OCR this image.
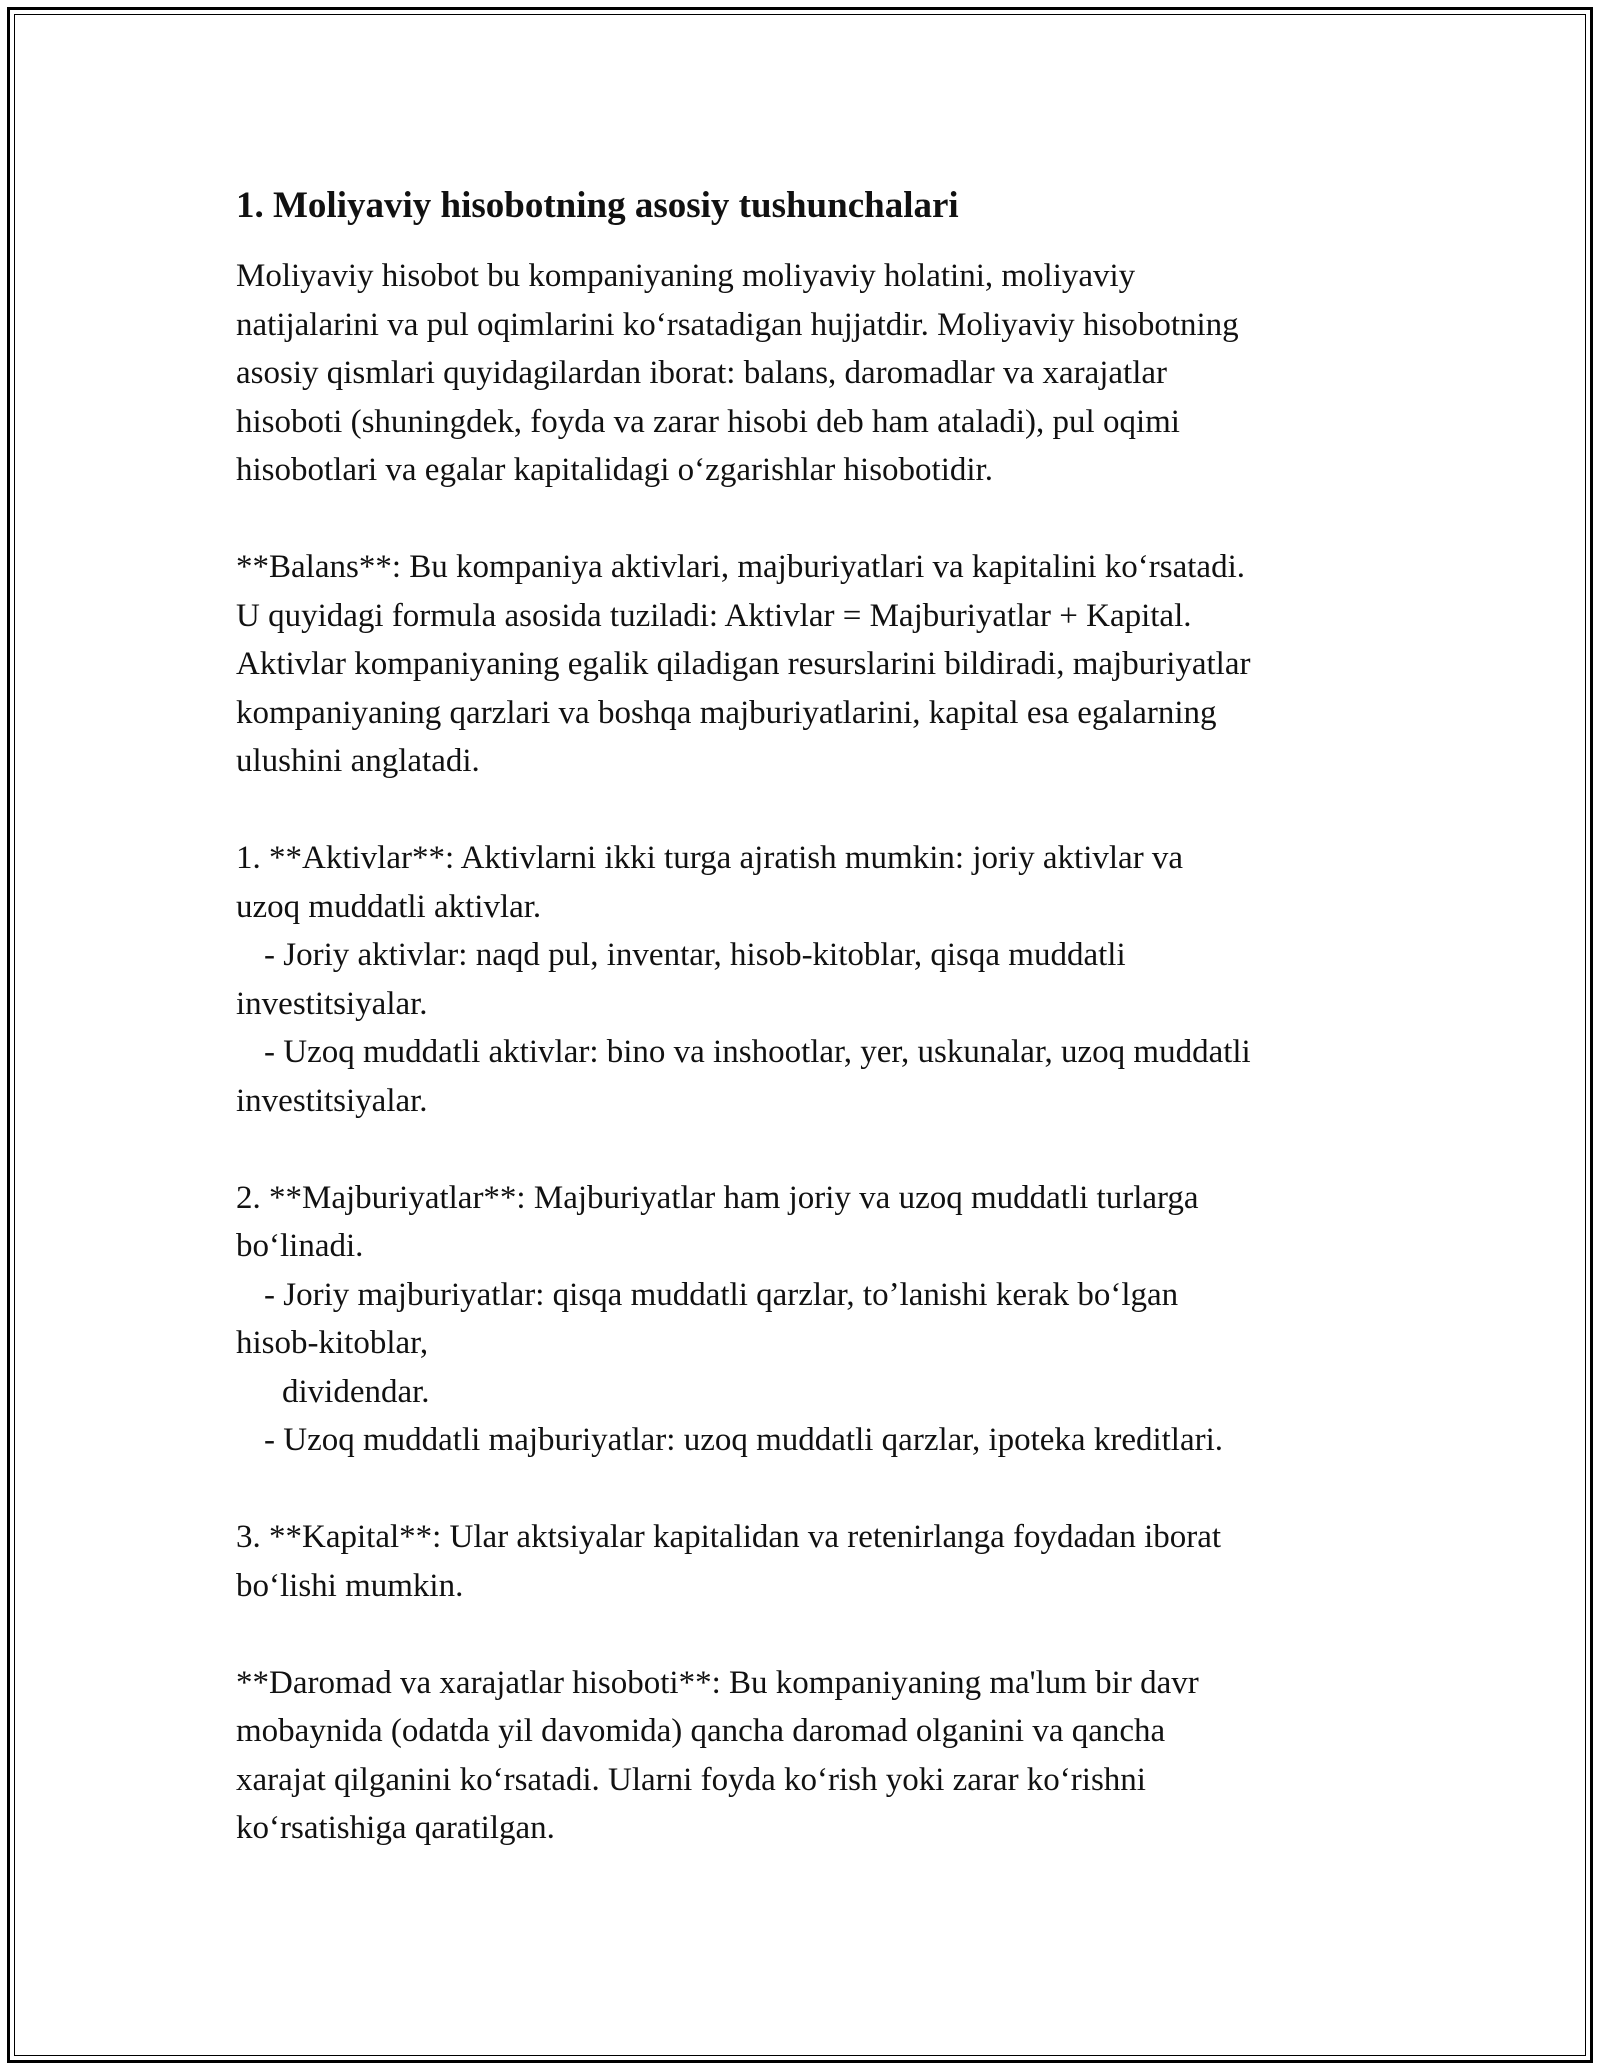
1. Moliyaviy hisobotning asosiy tushunchalari
Moliyaviy hisobot bu kompaniyaning moliyaviy holatini, moliyaviy
natijalarini va pul oqimlarini koʻrsatadigan hujjatdir. Moliyaviy hisobotning
asosiy qismlari quyidagilardan iborat: balans, daromadlar va xarajatlar
hisoboti (shuningdek, foyda va zarar hisobi deb ham ataladi), pul oqimi
hisobotlari va egalar kapitalidagi oʻzgarishlar hisobotidir.
**Balans**: Bu kompaniya aktivlari, majburiyatlari va kapitalini koʻrsatadi.
U quyidagi formula asosida tuziladi: Aktivlar = Majburiyatlar + Kapital.
Aktivlar kompaniyaning egalik qiladigan resurslarini bildiradi, majburiyatlar
kompaniyaning qarzlari va boshqa majburiyatlarini, kapital esa egalarning
ulushini anglatadi.
1. **Aktivlar**: Aktivlarni ikki turga ajratish mumkin: joriy aktivlar va
uzoq muddatli aktivlar.
- Joriy aktivlar: naqd pul, inventar, hisob-kitoblar, qisqa muddatli
investitsiyalar.
- Uzoq muddatli aktivlar: bino va inshootlar, yer, uskunalar, uzoq muddatli
investitsiyalar.
2. **Majburiyatlar**: Majburiyatlar ham joriy va uzoq muddatli turlarga
boʻlinadi.
- Joriy majburiyatlar: qisqa muddatli qarzlar, toʼlanishi kerak boʻlgan
hisob-kitoblar,
dividendar.
- Uzoq muddatli majburiyatlar: uzoq muddatli qarzlar, ipoteka kreditlari.
3. **Kapital**: Ular aktsiyalar kapitalidan va retenirlanga foydadan iborat
boʻlishi mumkin.
**Daromad va xarajatlar hisoboti**: Bu kompaniyaning ma'lum bir davr
mobaynida (odatda yil davomida) qancha daromad olganini va qancha
xarajat qilganini koʻrsatadi. Ularni foyda koʻrish yoki zarar koʻrishni
koʻrsatishiga qaratilgan.
